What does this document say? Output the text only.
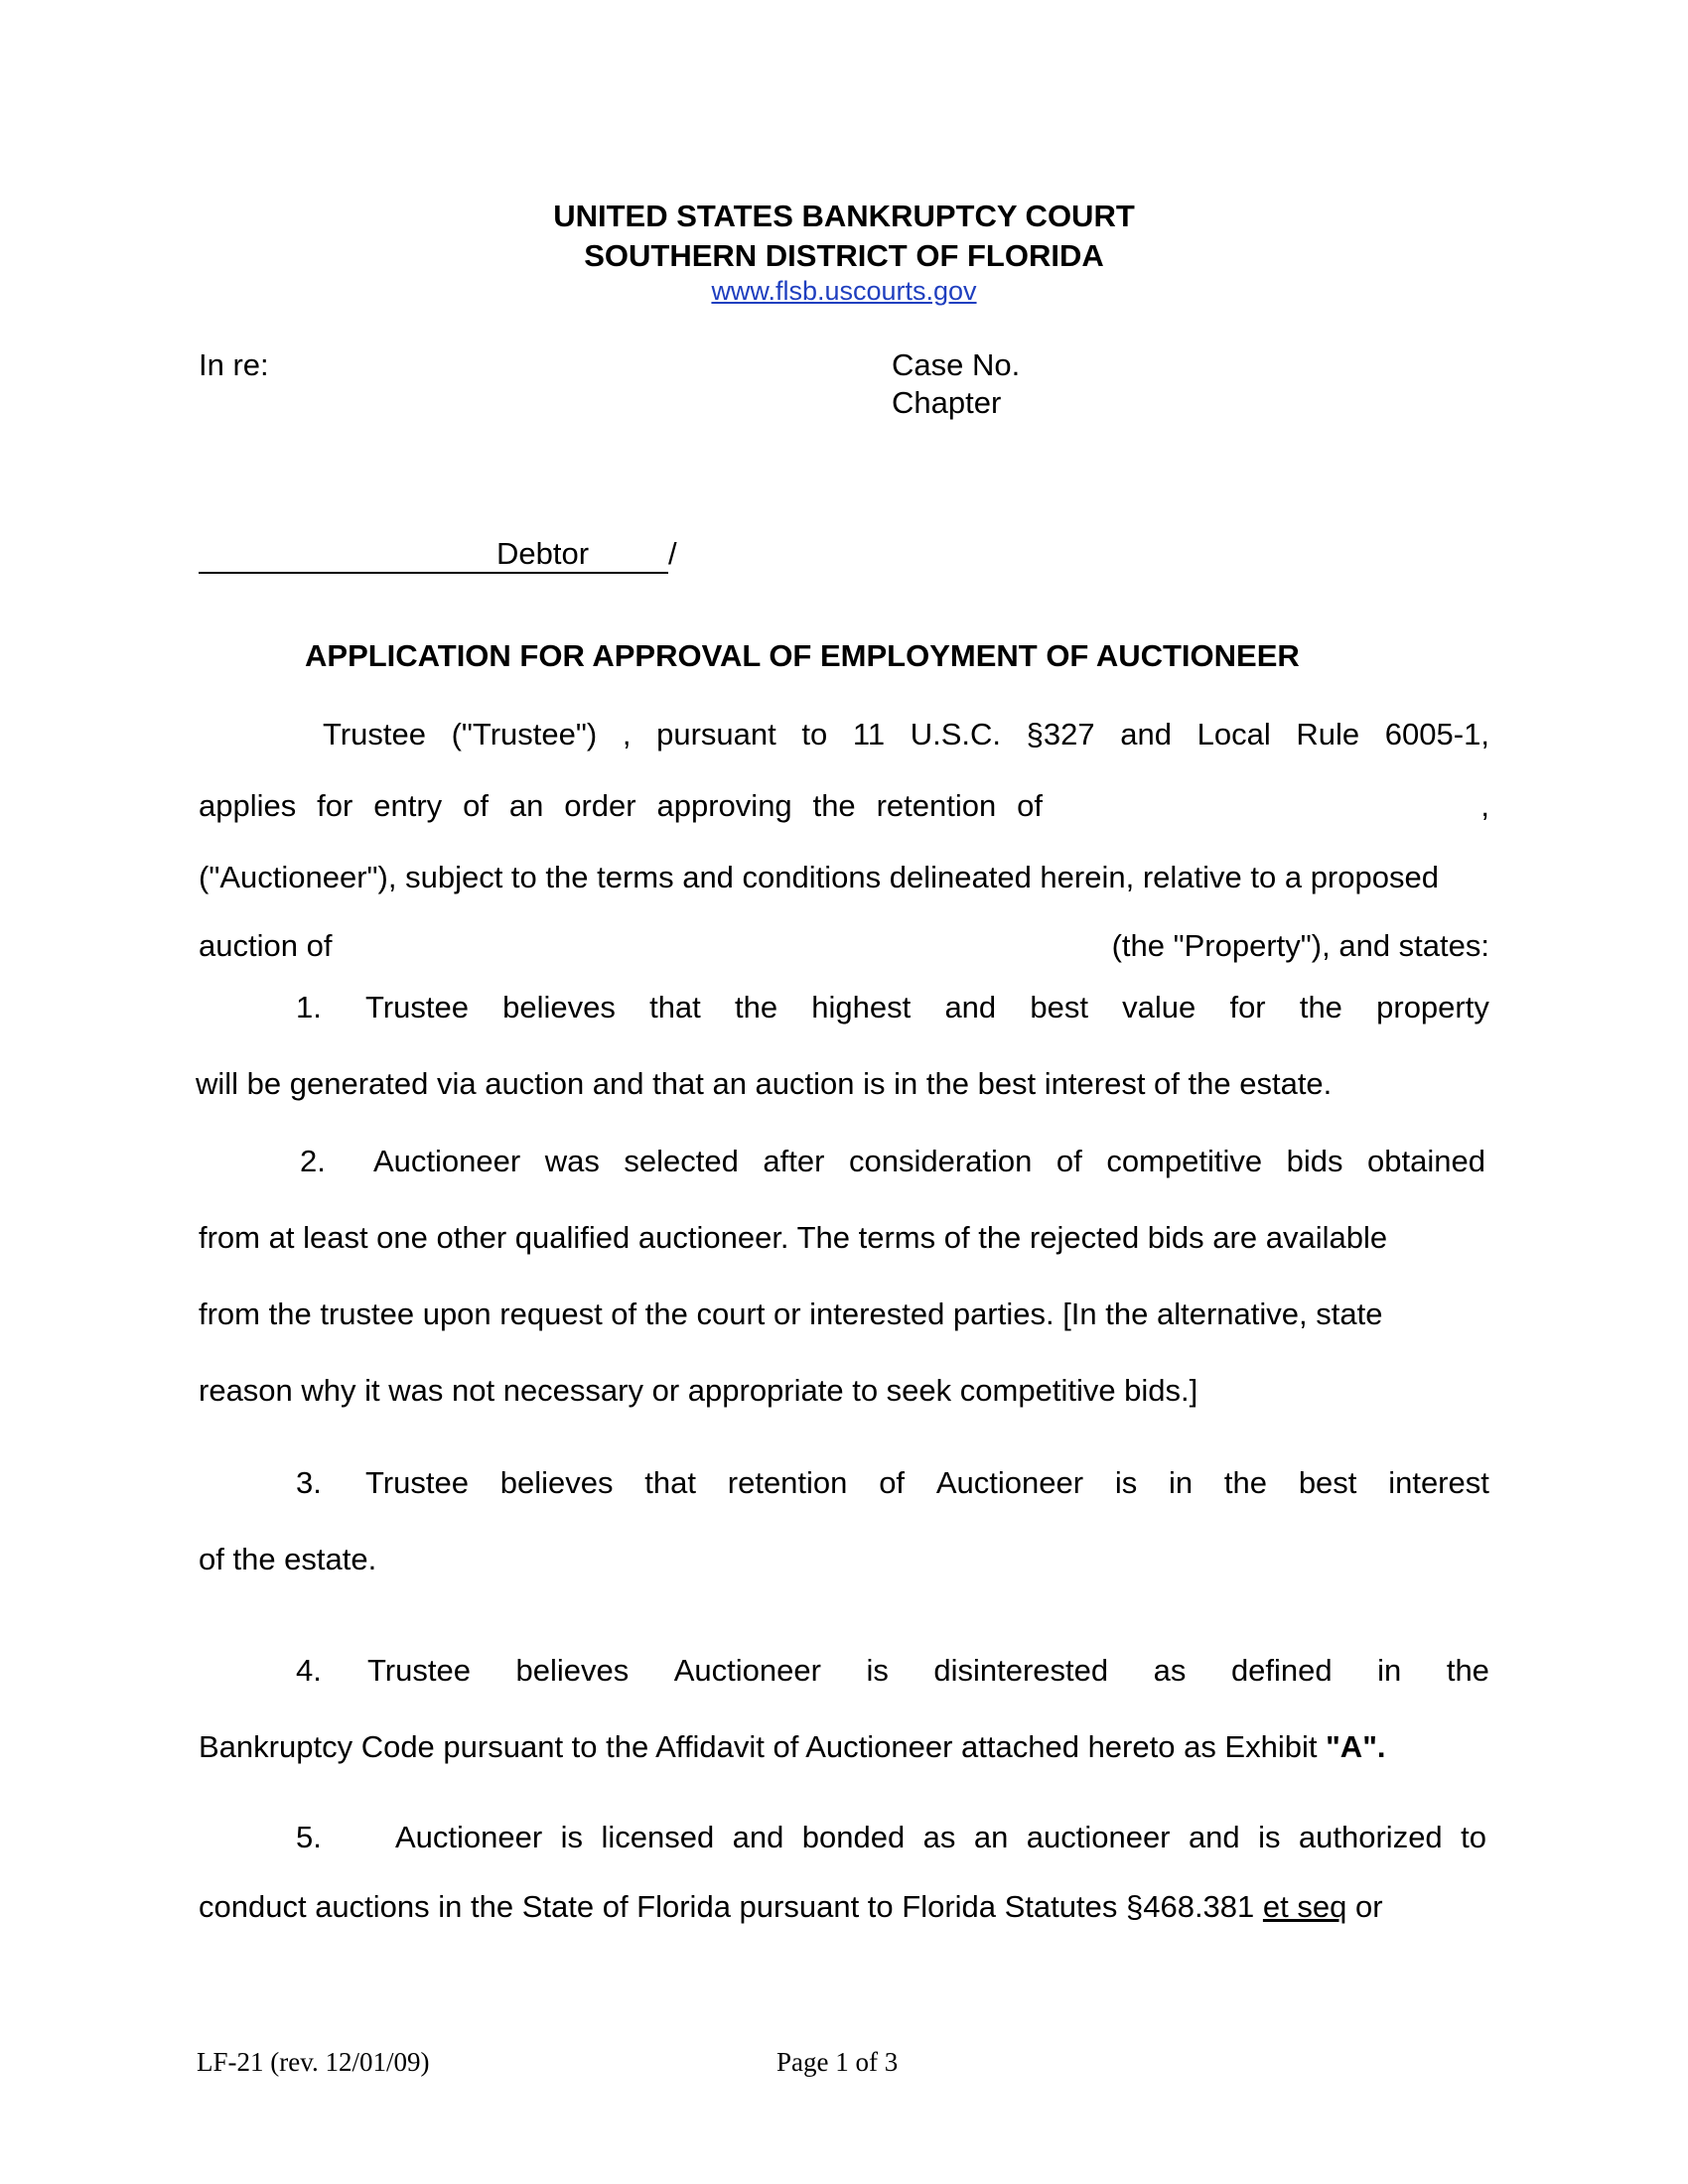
UNITED STATES BANKRUPTCY COURT
SOUTHERN DISTRICT OF FLORIDA
www.flsb.uscourts.gov
In re:	Case No.
Chapter
Debtor	/
APPLICATION FOR APPROVAL OF EMPLOYMENT OF AUCTIONEER
Trustee ("Trustee") , pursuant to 11 U.S.C. §327 and Local Rule 6005-1,
applies for entry of an order approving the retention of	,
("Auctioneer"), subject to the terms and conditions delineated herein, relative to a proposed
auction of	(the "Property"), and states:
1. Trustee believes that the highest and best value for the property
will be generated via auction and that an auction is in the best interest of the estate.
2. Auctioneer was selected after consideration of competitive bids obtained
from at least one other qualified auctioneer. The terms of the rejected bids are available
from the trustee upon request of the court or interested parties. [In the alternative, state
reason why it was not necessary or appropriate to seek competitive bids.]
3. Trustee believes that retention of Auctioneer is in the best interest
of the estate.
4. Trustee believes Auctioneer is disinterested as defined in the
Bankruptcy Code pursuant to the Affidavit of Auctioneer attached hereto as Exhibit "A".
5. Auctioneer is licensed and bonded as an auctioneer and is authorized to
conduct auctions in the State of Florida pursuant to Florida Statutes §468.381 et seq or
LF-21 (rev. 12/01/09)	Page 1 of 3
